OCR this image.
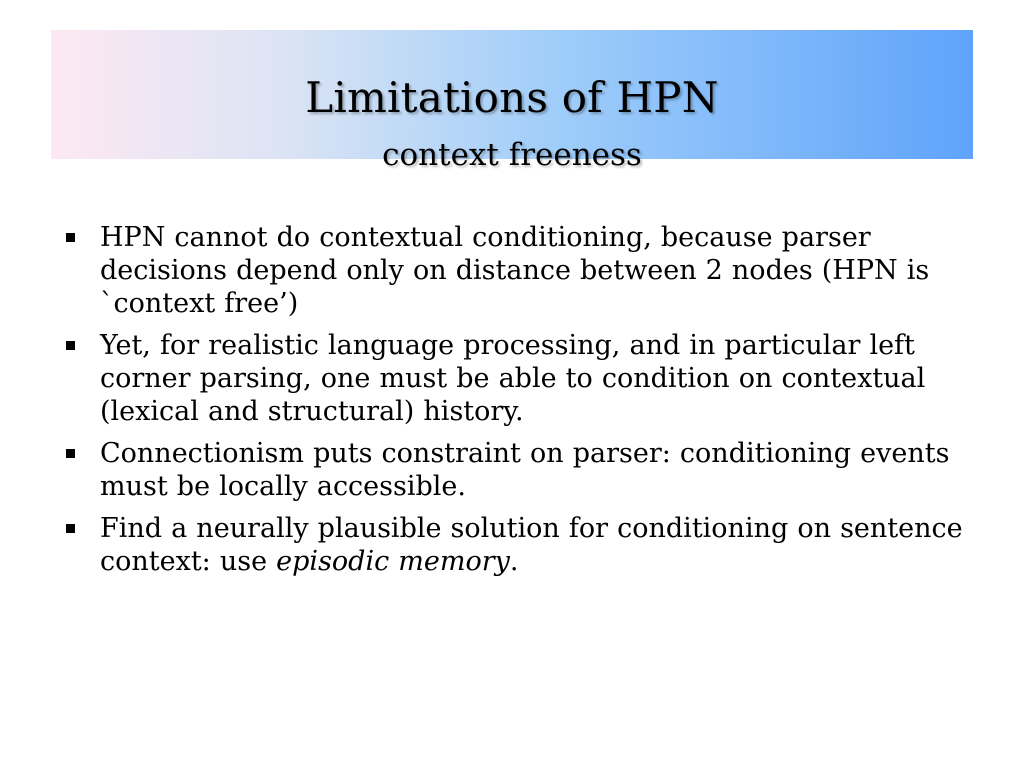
Limitations of HPN
context freeness
HPN cannot do contextual conditioning, because parser decisions depend only on distance between 2 nodes (HPN is `context free’)
Yet, for realistic language processing, and in particular left corner parsing, one must be able to condition on contextual (lexical and structural) history.
Connectionism puts constraint on parser: conditioning events must be locally accessible.
Find a neurally plausible solution for conditioning on sentence context: use episodic memory.
